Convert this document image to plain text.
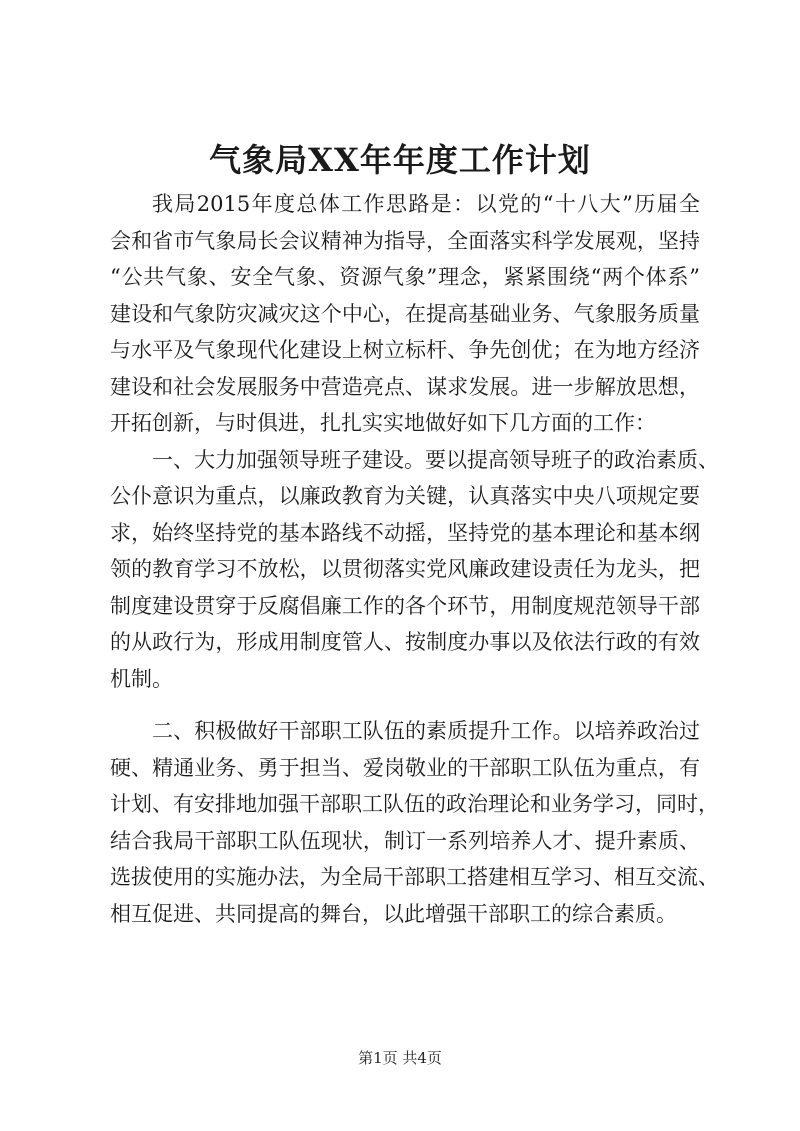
气象局XX年年度工作计划
我局2015年度总体工作思路是：以党的“十八大”历届全
会和省市气象局长会议精神为指导，全面落实科学发展观，坚持
“公共气象、安全气象、资源气象”理念，紧紧围绕“两个体系”
建设和气象防灾减灾这个中心，在提高基础业务、气象服务质量
与水平及气象现代化建设上树立标杆、争先创优；在为地方经济
建设和社会发展服务中营造亮点、谋求发展。进一步解放思想，
开拓创新，与时俱进，扎扎实实地做好如下几方面的工作：
一、大力加强领导班子建设。要以提高领导班子的政治素质、
公仆意识为重点，以廉政教育为关键，认真落实中央八项规定要
求，始终坚持党的基本路线不动摇，坚持党的基本理论和基本纲
领的教育学习不放松，以贯彻落实党风廉政建设责任为龙头，把
制度建设贯穿于反腐倡廉工作的各个环节，用制度规范领导干部
的从政行为，形成用制度管人、按制度办事以及依法行政的有效
机制。
二、积极做好干部职工队伍的素质提升工作。以培养政治过
硬、精通业务、勇于担当、爱岗敬业的干部职工队伍为重点，有
计划、有安排地加强干部职工队伍的政治理论和业务学习，同时，
结合我局干部职工队伍现状，制订一系列培养人才、提升素质、
选拔使用的实施办法，为全局干部职工搭建相互学习、相互交流、
相互促进、共同提高的舞台，以此增强干部职工的综合素质。
第1页 共4页
